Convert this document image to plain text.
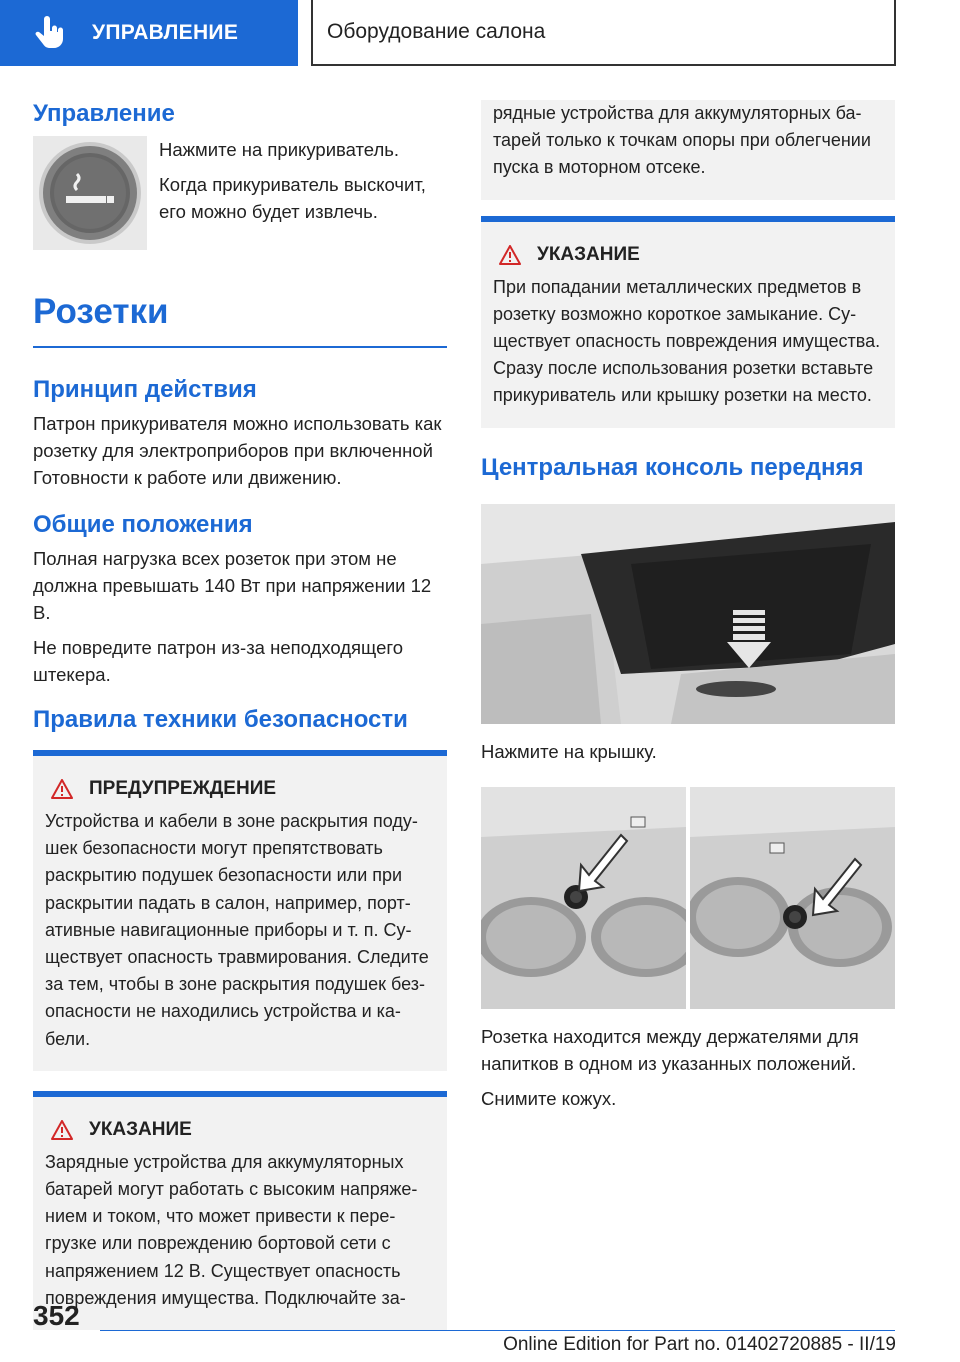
УПРАВЛЕНИЕ	Оборудование салона
Управление

Нажмите на прикуриватель.

Когда прикуриватель выскочит, его можно будет извлечь.

Розетки
Принцип действия

Патрон прикуривателя можно использовать как розетку для электроприборов при включенной Готовности к работе или движению.

Общие положения

Полная нагрузка всех розеток при этом не должна превышать 140 Вт при напряжении 12 В.

Не повредите патрон из-за неподходящего штекера.

Правила техники безопасности
ПРЕДУПРЕЖДЕНИЕ

Устройства и кабели в зоне раскрытия подушек безопасности могут препятствовать раскрытию подушек безопасности или при раскрытии падать в салон, например, портативные навигационные приборы и т. п. Существует опасность травмирования. Следите за тем, чтобы в зоне раскрытия подушек безопасности не находились устройства и кабели.

УКАЗАНИЕ

Зарядные устройства для аккумуляторных батарей могут работать с высоким напряжением и током, что может привести к перегрузке или повреждению бортовой сети с напряжением 12 В. Существует опасность повреждения имущества. Подключайте за-

рядные устройства для аккумуляторных батарей только к точкам опоры при облегчении пуска в моторном отсеке.

УКАЗАНИЕ

При попадании металлических предметов в розетку возможно короткое замыкание. Существует опасность повреждения имущества. Сразу после использования розетки вставьте прикуриватель или крышку розетки на место.

Центральная консоль передняя

Нажмите на крышку.

Розетка находится между держателями для напитков в одном из указанных положений.

Снимите кожух.

352
Online Edition for Part no. 01402720885 - II/19
